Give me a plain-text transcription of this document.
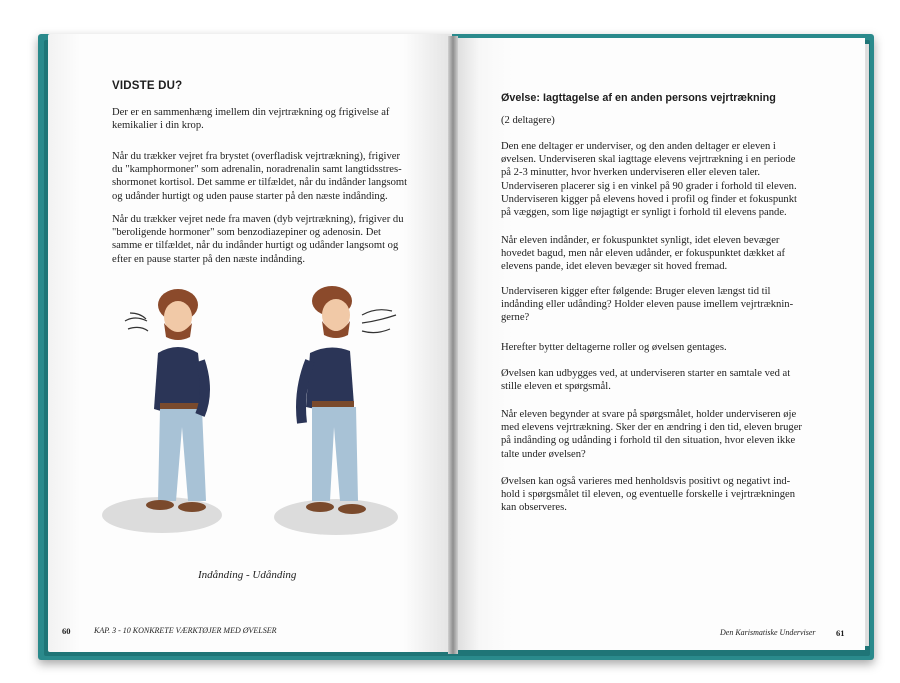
VIDSTE DU?
Der er en sammenhæng imellem din vejrtrækning og frigivelse af
kemikalier i din krop.
Når du trækker vejret fra brystet (overfladisk vejrtrækning), frigiver
du "kamphormoner" som adrenalin, noradrenalin samt langtidsstres-
shormonet kortisol. Det samme er tilfældet, når du indånder langsomt
og udånder hurtigt og uden pause starter på den næste indånding.
Når du trækker vejret nede fra maven (dyb vejrtrækning), frigiver du
"beroligende hormoner" som benzodiazepiner og adenosin. Det
samme er tilfældet, når du indånder hurtigt og udånder langsomt og
efter en pause starter på den næste indånding.
Indånding - Udånding
60	KAP. 3 - 10 KONKRETE VÆRKTØJER MED ØVELSER
Øvelse: Iagttagelse af en anden persons vejrtrækning
(2 deltagere)
Den ene deltager er underviser, og den anden deltager er eleven i
øvelsen. Underviseren skal iagttage elevens vejrtrækning i en periode
på 2-3 minutter, hvor hverken underviseren eller eleven taler.
Underviseren placerer sig i en vinkel på 90 grader i forhold til eleven.
Underviseren kigger på elevens hoved i profil og finder et fokuspunkt
på væggen, som lige nøjagtigt er synligt i forhold til elevens pande.
Når eleven indånder, er fokuspunktet synligt, idet eleven bevæger
hovedet bagud, men når eleven udånder, er fokuspunktet dækket af
elevens pande, idet eleven bevæger sit hoved fremad.
Underviseren kigger efter følgende: Bruger eleven længst tid til
indånding eller udånding? Holder eleven pause imellem vejrtræknin-
gerne?
Herefter bytter deltagerne roller og øvelsen gentages.
Øvelsen kan udbygges ved, at underviseren starter en samtale ved at
stille eleven et spørgsmål.
Når eleven begynder at svare på spørgsmålet, holder underviseren øje
med elevens vejrtrækning. Sker der en ændring i den tid, eleven bruger
på indånding og udånding i forhold til den situation, hvor eleven ikke
talte under øvelsen?
Øvelsen kan også varieres med henholdsvis positivt og negativt ind-
hold i spørgsmålet til eleven, og eventuelle forskelle i vejrtrækningen
kan observeres.
Den Karismatiske Underviser 61
